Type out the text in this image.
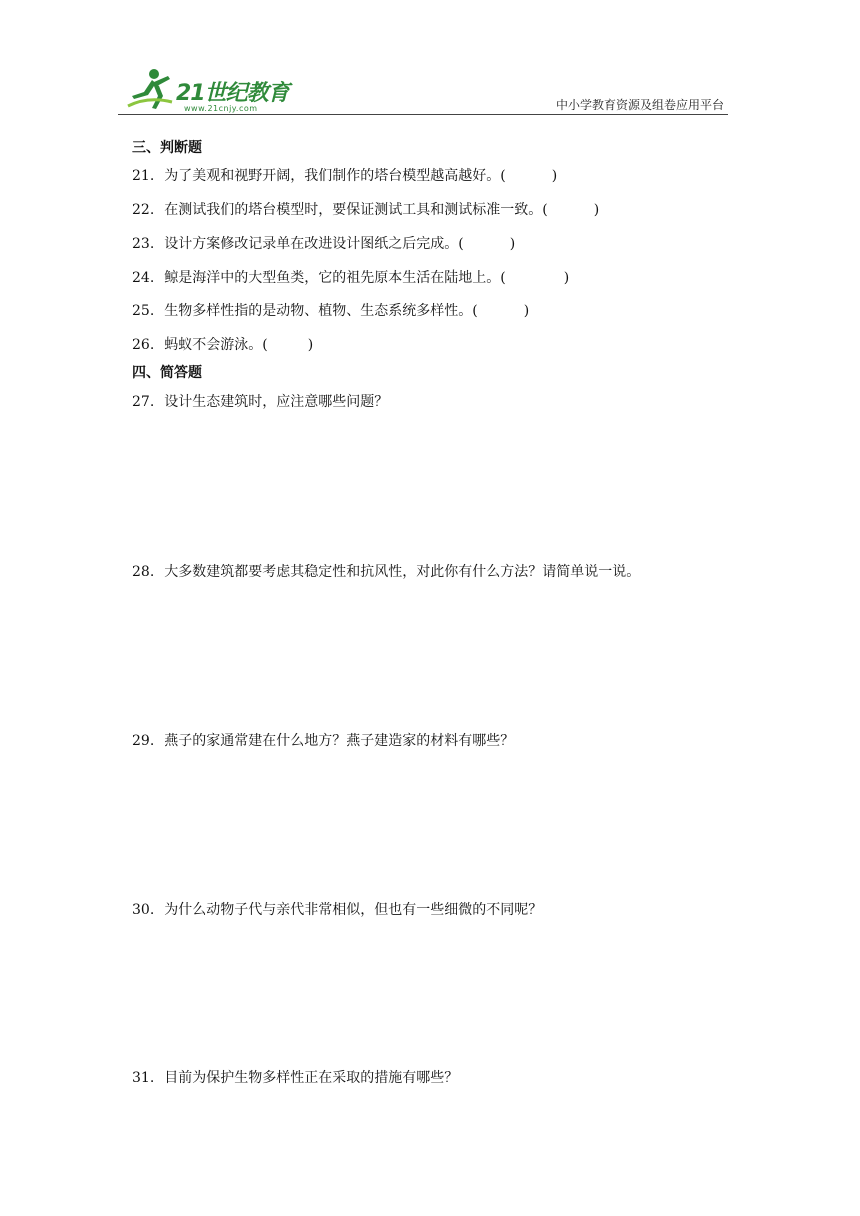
21世纪教育
www.21cnjy.com	中小学教育资源及组卷应用平台
三、判断题
21. 为了美观和视野开阔，我们制作的塔台模型越高越好。(	)
22. 在测试我们的塔台模型时，要保证测试工具和测试标准一致。(	)
23. 设计方案修改记录单在改进设计图纸之后完成。(	)
24. 鲸是海洋中的大型鱼类，它的祖先原本生活在陆地上。(	)
25. 生物多样性指的是动物、植物、生态系统多样性。(	)
26. 蚂蚁不会游泳。(	)
四、简答题
27. 设计生态建筑时，应注意哪些问题？
28. 大多数建筑都要考虑其稳定性和抗风性，对此你有什么方法？请简单说一说。
29. 燕子的家通常建在什么地方？燕子建造家的材料有哪些？
30. 为什么动物子代与亲代非常相似，但也有一些细微的不同呢？
31. 目前为保护生物多样性正在采取的措施有哪些？
